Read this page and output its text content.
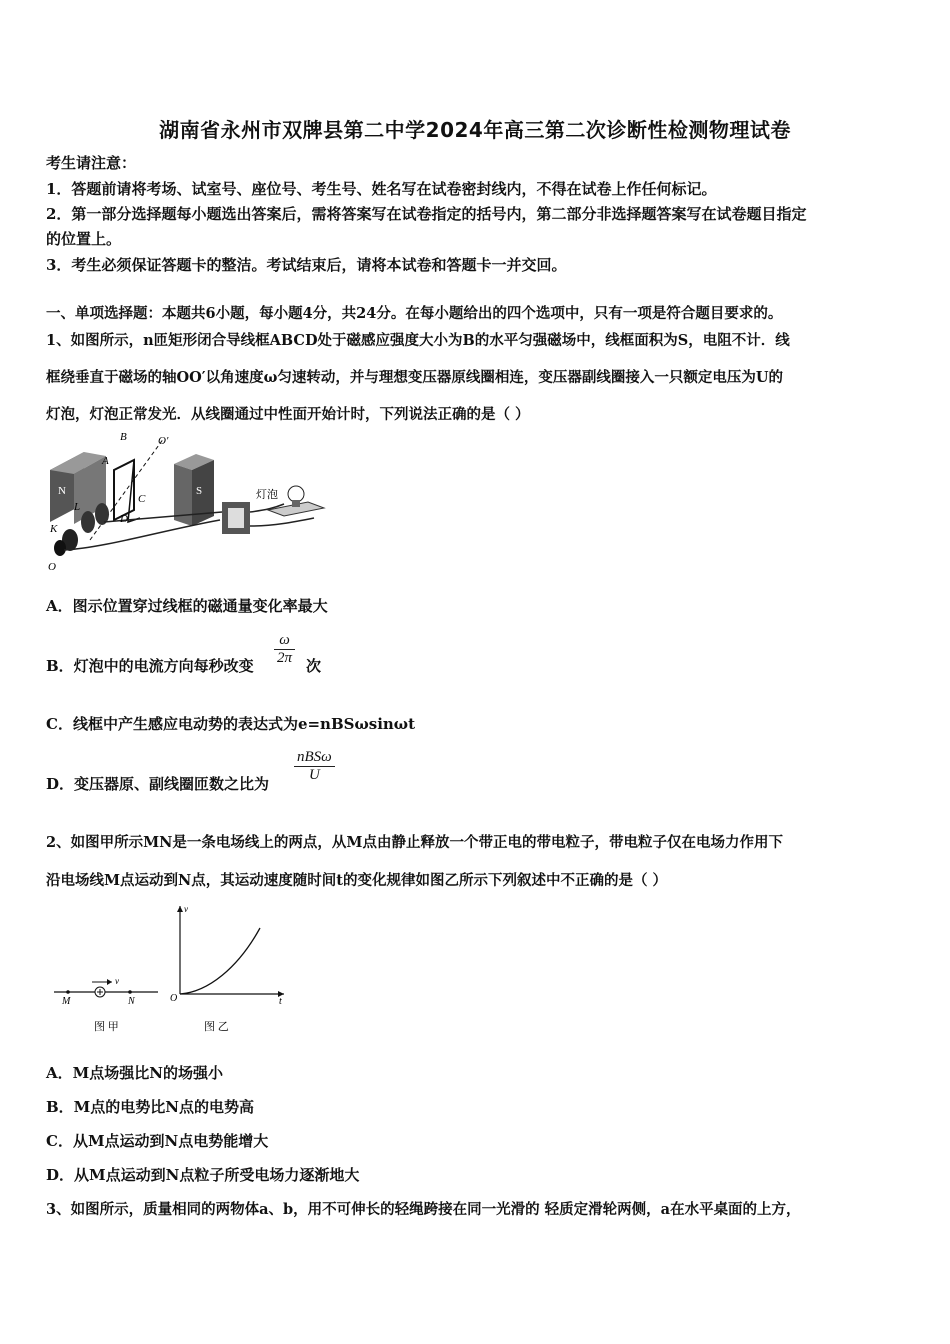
湖南省永州市双牌县第二中学2024年高三第二次诊断性检测物理试卷
考生请注意：
1．答题前请将考场、试室号、座位号、考生号、姓名写在试卷密封线内，不得在试卷上作任何标记。
2．第一部分选择题每小题选出答案后，需将答案写在试卷指定的括号内，第二部分非选择题答案写在试卷题目指定
的位置上。
3．考生必须保证答题卡的整洁。考试结束后，请将本试卷和答题卡一并交回。
一、单项选择题：本题共6小题，每小题4分，共24分。在每小题给出的四个选项中，只有一项是符合题目要求的。
1、如图所示，n匝矩形闭合导线框ABCD处于磁感应强度大小为B的水平匀强磁场中，线框面积为S，电阻不计．线
框绕垂直于磁场的轴OO′以角速度ω匀速转动，并与理想变压器原线圈相连，变压器副线圈接入一只额定电压为U的
灯泡，灯泡正常发光．从线圈通过中性面开始计时，下列说法正确的是（ ）
B	O′
A
N	S
C
L
D
K
O
灯泡
A．图示位置穿过线框的磁通量变化率最大
B．灯泡中的电流方向每秒改变 $\frac{\omega}{2\pi}$ 次
C．线框中产生感应电动势的表达式为e=nBSωsinωt
D．变压器原、副线圈匝数之比为
nBSω
U
2、如图甲所示MN是一条电场线上的两点，从M点由静止释放一个带正电的带电粒子，带电粒子仅在电场力作用下
沿电场线M点运动到N点，其运动速度随时间t的变化规律如图乙所示下列叙述中不正确的是（ ）
M	N
v
图 甲
v
O	t
图 乙
A．M点场强比N的场强小
B．M点的电势比N点的电势高
C．从M点运动到N点电势能增大
D．从M点运动到N点粒子所受电场力逐渐地大
3、如图所示，质量相同的两物体a、b，用不可伸长的轻绳跨接在同一光滑的 轻质定滑轮两侧，a在水平桌面的上方，
